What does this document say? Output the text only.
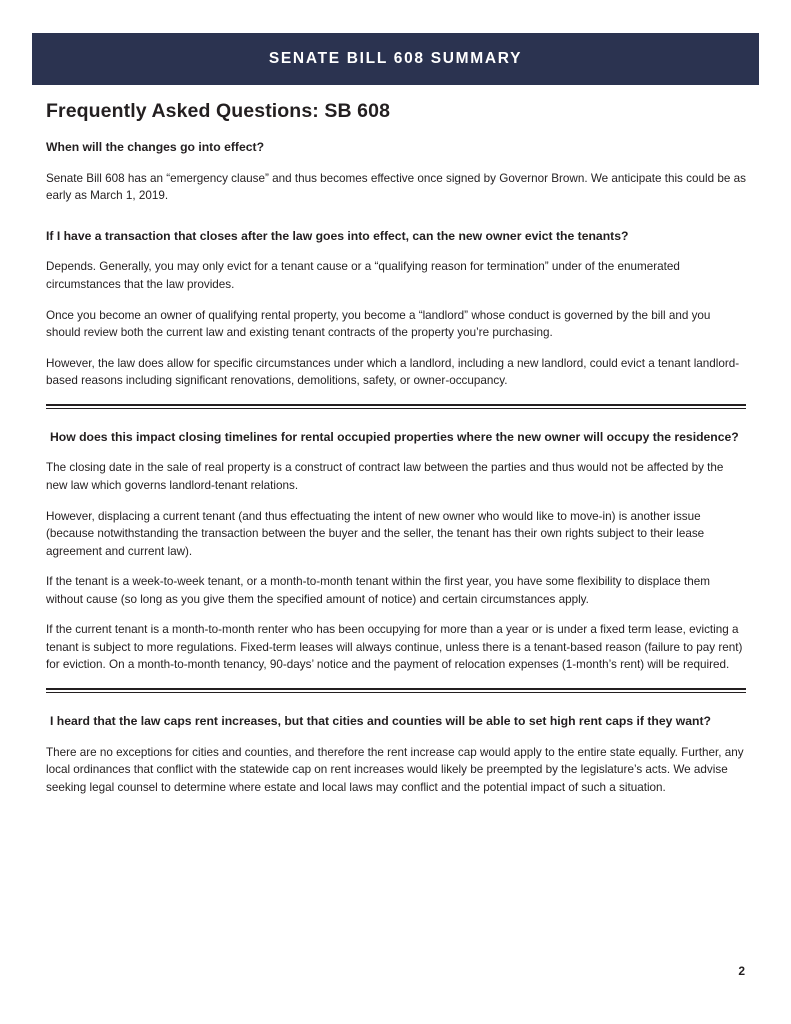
SENATE BILL 608 SUMMARY
Frequently Asked Questions: SB 608
When will the changes go into effect?
Senate Bill 608 has an “emergency clause” and thus becomes effective once signed by Governor Brown. We anticipate this could be as early as March 1, 2019.
If I have a transaction that closes after the law goes into effect, can the new owner evict the tenants?
Depends. Generally, you may only evict for a tenant cause or a “qualifying reason for termination” under of the enumerated circumstances that the law provides.
Once you become an owner of qualifying rental property, you become a “landlord” whose conduct is governed by the bill and you should review both the current law and existing tenant contracts of the property you’re purchasing.
However, the law does allow for specific circumstances under which a landlord, including a new landlord, could evict a tenant landlord-based reasons including significant renovations, demolitions, safety, or owner-occupancy.
How does this impact closing timelines for rental occupied properties where the new owner will occupy the residence?
The closing date in the sale of real property is a construct of contract law between the parties and thus would not be affected by the new law which governs landlord-tenant relations.
However, displacing a current tenant (and thus effectuating the intent of new owner who would like to move-in) is another issue (because notwithstanding the transaction between the buyer and the seller, the tenant has their own rights subject to their lease agreement and current law).
If the tenant is a week-to-week tenant, or a month-to-month tenant within the first year, you have some flexibility to displace them without cause (so long as you give them the specified amount of notice) and certain circumstances apply.
If the current tenant is a month-to-month renter who has been occupying for more than a year or is under a fixed term lease, evicting a tenant is subject to more regulations. Fixed-term leases will always continue, unless there is a tenant-based reason (failure to pay rent) for eviction. On a month-to-month tenancy, 90-days’ notice and the payment of relocation expenses (1-month’s rent) will be required.
I heard that the law caps rent increases, but that cities and counties will be able to set high rent caps if they want?
There are no exceptions for cities and counties, and therefore the rent increase cap would apply to the entire state equally. Further, any local ordinances that conflict with the statewide cap on rent increases would likely be preempted by the legislature’s acts. We advise seeking legal counsel to determine where estate and local laws may conflict and the potential impact of such a situation.
2
